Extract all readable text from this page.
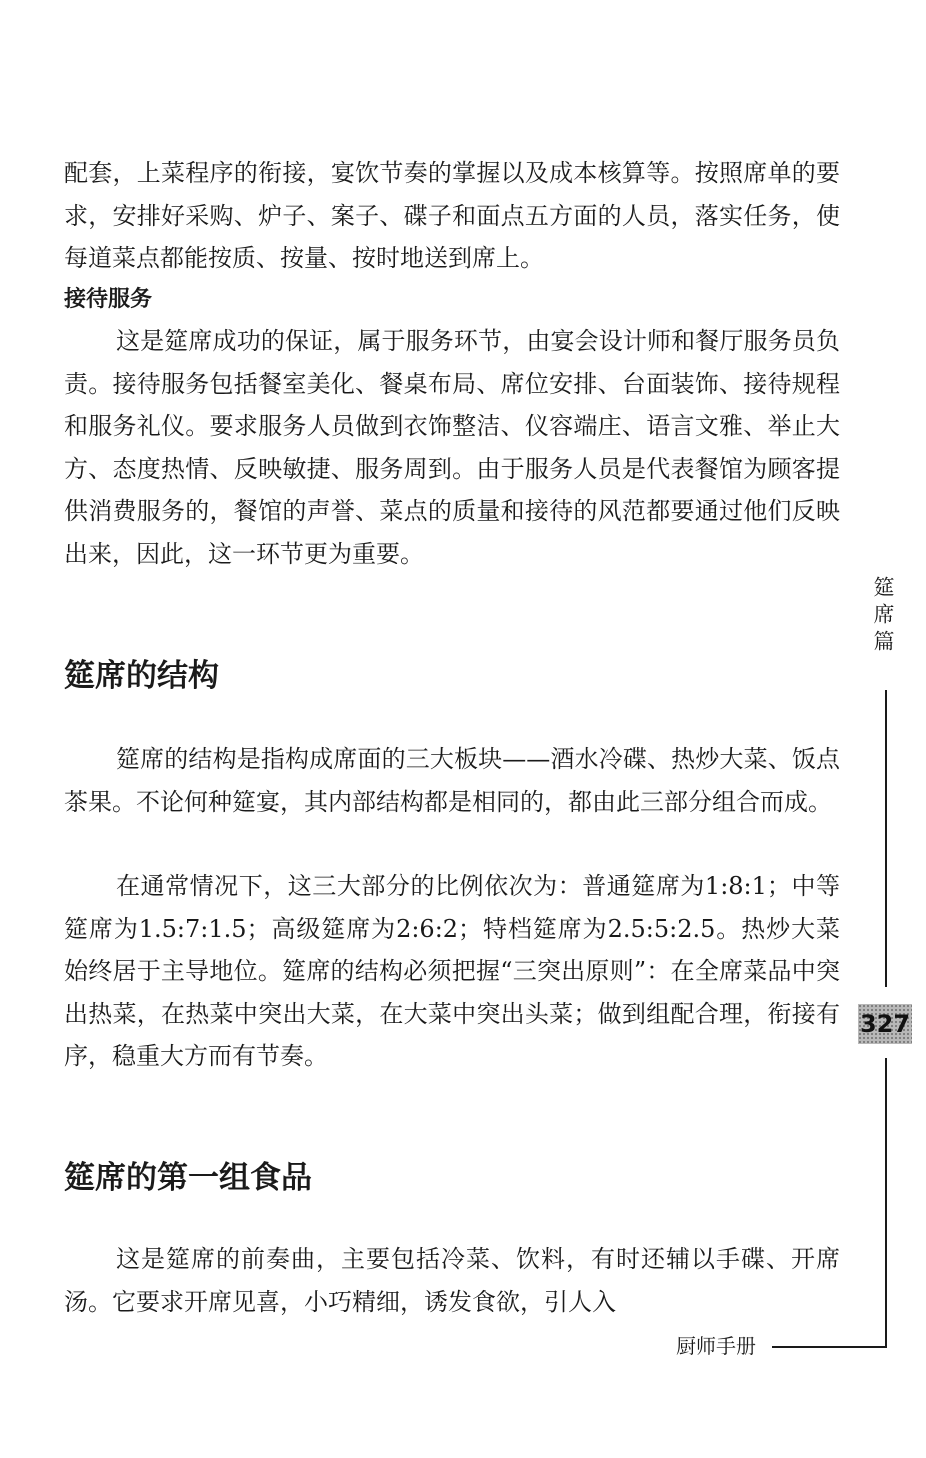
配套，上菜程序的衔接，宴饮节奏的掌握以及成本核算等。按照席单的要求，安排好采购、炉子、案子、碟子和面点五方面的人员，落实任务，使每道菜点都能按质、按量、按时地送到席上。

接待服务

这是筵席成功的保证，属于服务环节，由宴会设计师和餐厅服务员负责。接待服务包括餐室美化、餐桌布局、席位安排、台面装饰、接待规程和服务礼仪。要求服务人员做到衣饰整洁、仪容端庄、语言文雅、举止大方、态度热情、反映敏捷、服务周到。由于服务人员是代表餐馆为顾客提供消费服务的，餐馆的声誉、菜点的质量和接待的风范都要通过他们反映出来，因此，这一环节更为重要。

筵席的结构

筵席的结构是指构成席面的三大板块——酒水冷碟、热炒大菜、饭点茶果。不论何种筵宴，其内部结构都是相同的，都由此三部分组合而成。

在通常情况下，这三大部分的比例依次为：普通筵席为1:8:1；中等筵席为1.5:7:1.5；高级筵席为2:6:2；特档筵席为2.5:5:2.5。热炒大菜始终居于主导地位。筵席的结构必须把握“三突出原则”：在全席菜品中突出热菜，在热菜中突出大菜，在大菜中突出头菜；做到组配合理，衔接有序，稳重大方而有节奏。

筵席的第一组食品

这是筵席的前奏曲，主要包括冷菜、饮料，有时还辅以手碟、开席汤。它要求开席见喜，小巧精细，诱发食欲，引人入

筵席篇
327
厨师手册
